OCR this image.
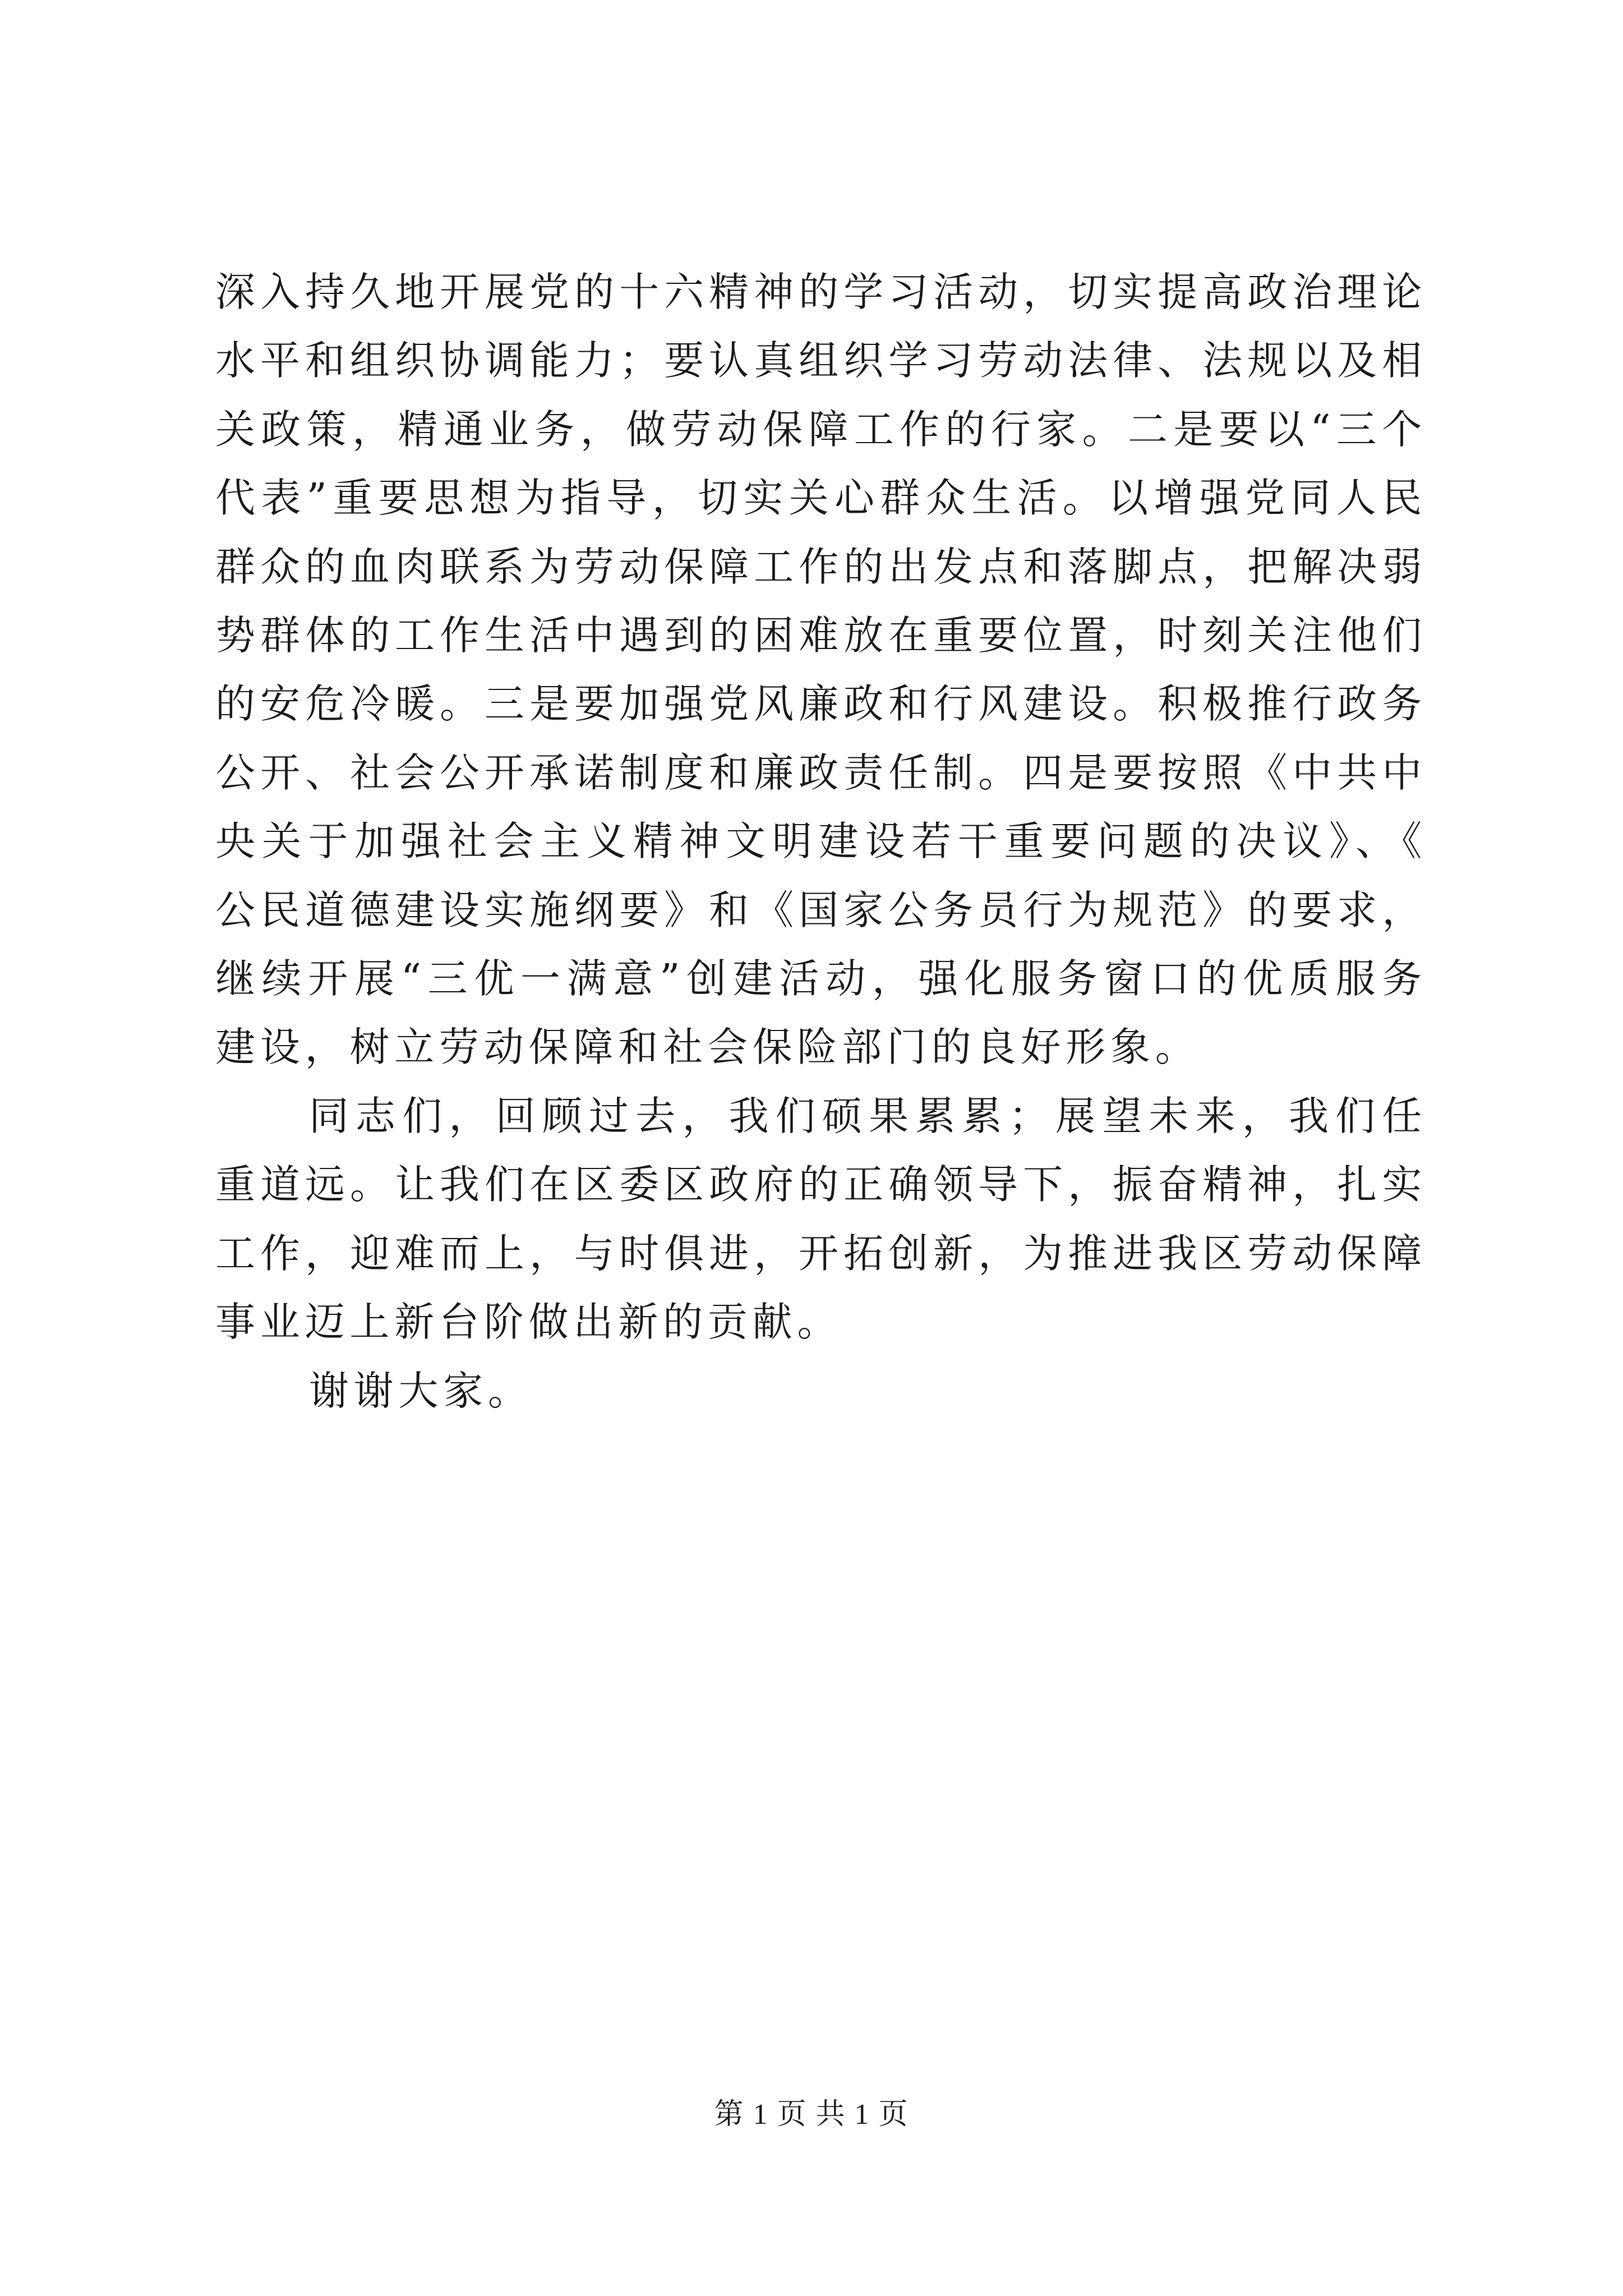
深入持久地开展党的十六精神的学习活动，切实提高政治理论水平和组织协调能力；要认真组织学习劳动法律、法规以及相关政策，精通业务，做劳动保障工作的行家。二是要以“三个代表”重要思想为指导，切实关心群众生活。以增强党同人民群众的血肉联系为劳动保障工作的出发点和落脚点，把解决弱势群体的工作生活中遇到的困难放在重要位置，时刻关注他们的安危冷暖。三是要加强党风廉政和行风建设。积极推行政务公开、社会公开承诺制度和廉政责任制。四是要按照《中共中央关于加强社会主义精神文明建设若干重要问题的决议》、《公民道德建设实施纲要》和《国家公务员行为规范》的要求，继续开展“三优一满意”创建活动，强化服务窗口的优质服务建设，树立劳动保障和社会保险部门的良好形象。

同志们，回顾过去，我们硕果累累；展望未来，我们任重道远。让我们在区委区政府的正确领导下，振奋精神，扎实工作，迎难而上，与时俱进，开拓创新，为推进我区劳动保障事业迈上新台阶做出新的贡献。

谢谢大家。

第 1 页 共 1 页
